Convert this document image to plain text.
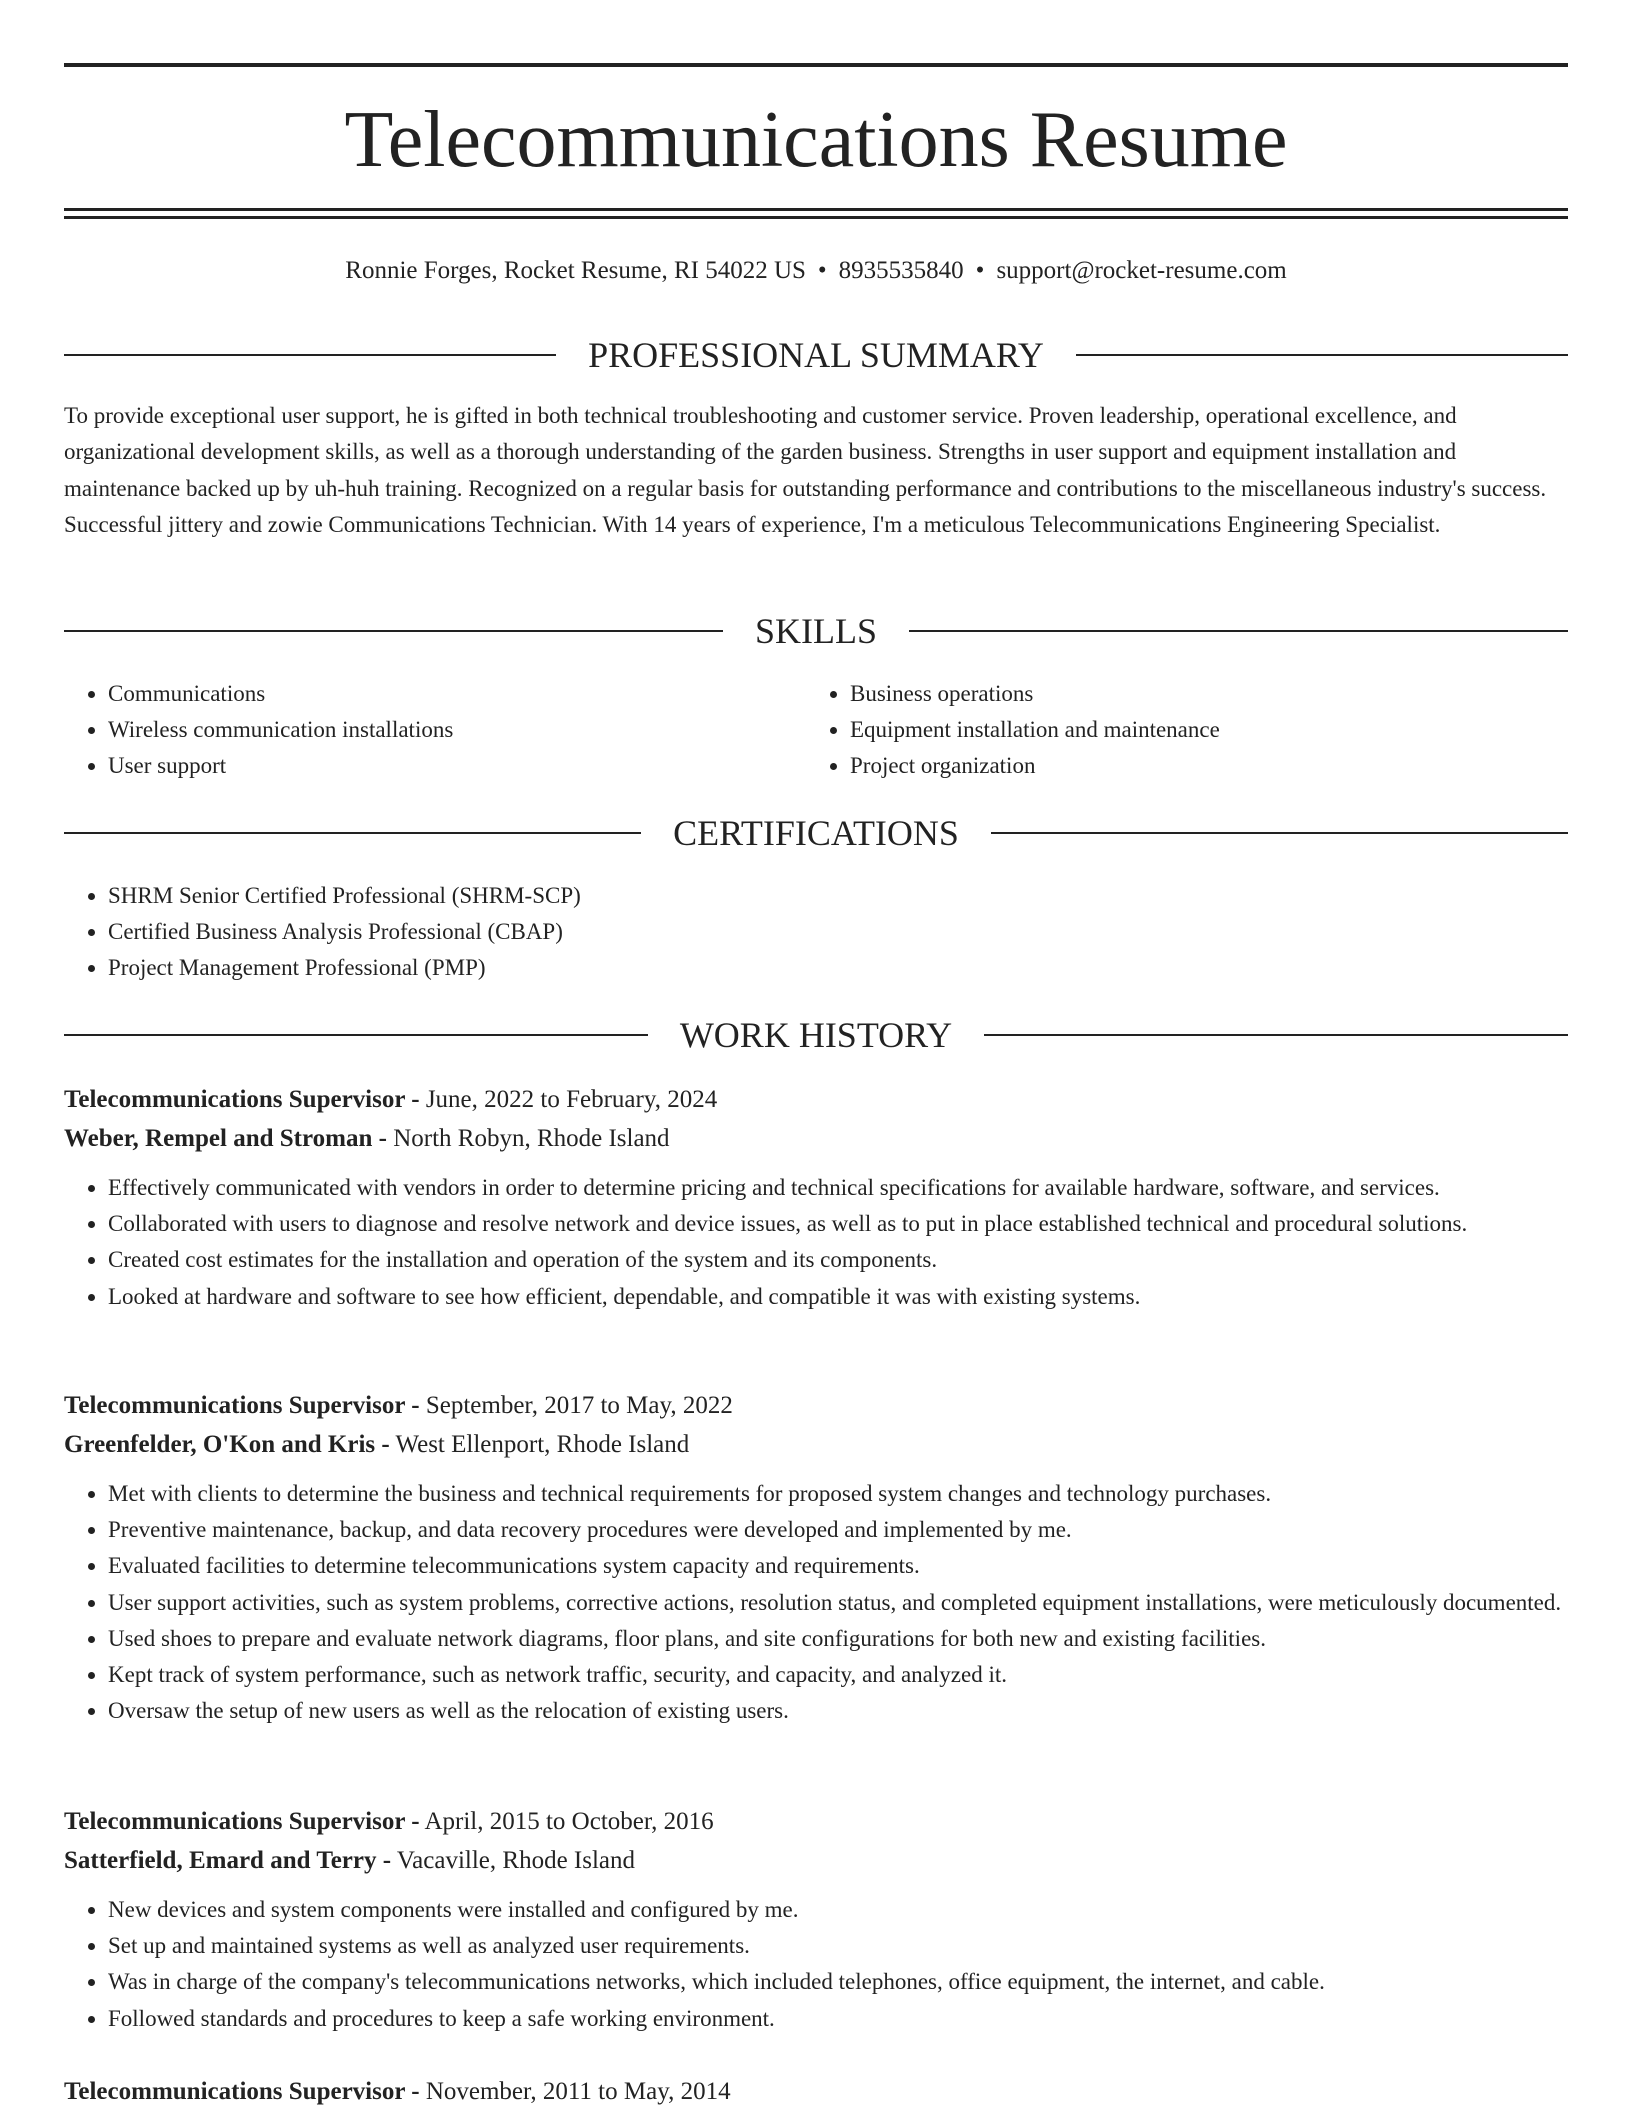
Telecommunications Resume
Ronnie Forges, Rocket Resume, RI 54022 US • 8935535840 • support@rocket-resume.com
PROFESSIONAL SUMMARY

To provide exceptional user support, he is gifted in both technical troubleshooting and customer service. Proven leadership, operational excellence, and organizational development skills, as well as a thorough understanding of the garden business. Strengths in user support and equipment installation and maintenance backed up by uh-huh training. Recognized on a regular basis for outstanding performance and contributions to the miscellaneous industry's success. Successful jittery and zowie Communications Technician. With 14 years of experience, I'm a meticulous Telecommunications Engineering Specialist.

SKILLS
• Communications
• Wireless communication installations
• User support
• Business operations
• Equipment installation and maintenance
• Project organization
CERTIFICATIONS
• SHRM Senior Certified Professional (SHRM-SCP)
• Certified Business Analysis Professional (CBAP)
• Project Management Professional (PMP)
WORK HISTORY
Telecommunications Supervisor - June, 2022 to February, 2024
Weber, Rempel and Stroman - North Robyn, Rhode Island
• Effectively communicated with vendors in order to determine pricing and technical specifications for available hardware, software, and services.
• Collaborated with users to diagnose and resolve network and device issues, as well as to put in place established technical and procedural solutions.
• Created cost estimates for the installation and operation of the system and its components.
• Looked at hardware and software to see how efficient, dependable, and compatible it was with existing systems.
Telecommunications Supervisor - September, 2017 to May, 2022
Greenfelder, O'Kon and Kris - West Ellenport, Rhode Island
• Met with clients to determine the business and technical requirements for proposed system changes and technology purchases.
• Preventive maintenance, backup, and data recovery procedures were developed and implemented by me.
• Evaluated facilities to determine telecommunications system capacity and requirements.
• User support activities, such as system problems, corrective actions, resolution status, and completed equipment installations, were meticulously documented.
• Used shoes to prepare and evaluate network diagrams, floor plans, and site configurations for both new and existing facilities.
• Kept track of system performance, such as network traffic, security, and capacity, and analyzed it.
• Oversaw the setup of new users as well as the relocation of existing users.
Telecommunications Supervisor - April, 2015 to October, 2016
Satterfield, Emard and Terry - Vacaville, Rhode Island
• New devices and system components were installed and configured by me.
• Set up and maintained systems as well as analyzed user requirements.
• Was in charge of the company's telecommunications networks, which included telephones, office equipment, the internet, and cable.
• Followed standards and procedures to keep a safe working environment.
Telecommunications Supervisor - November, 2011 to May, 2014
